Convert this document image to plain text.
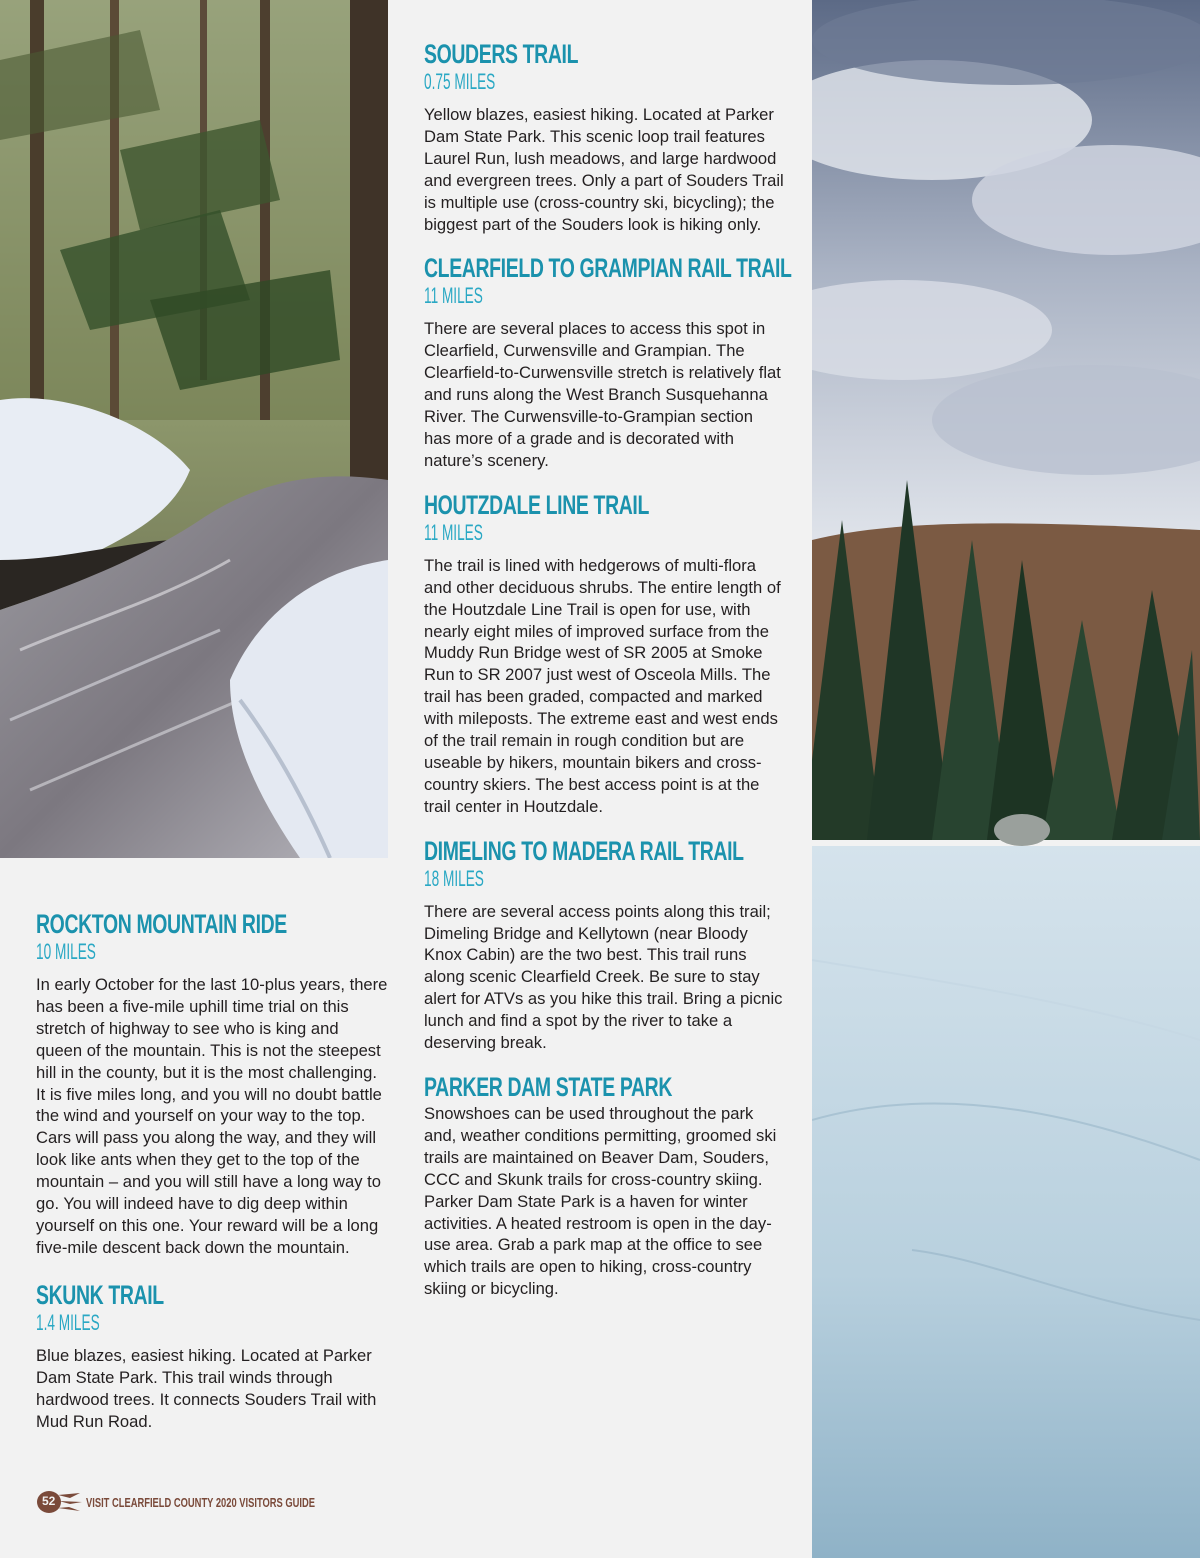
SOUDERS TRAIL
0.75 MILES

Yellow blazes, easiest hiking. Located at Parker Dam State Park. This scenic loop trail features Laurel Run, lush meadows, and large hardwood and evergreen trees. Only a part of Souders Trail is multiple use (cross-country ski, bicycling); the biggest part of the Souders look is hiking only.

CLEARFIELD TO GRAMPIAN RAIL TRAIL
11 MILES

There are several places to access this spot in Clearfield, Curwensville and Grampian. The Clearfield-to-Curwensville stretch is relatively flat and runs along the West Branch Susquehanna River. The Curwensville-to-Grampian section has more of a grade and is decorated with nature’s scenery.

HOUTZDALE LINE TRAIL
11 MILES

The trail is lined with hedgerows of multi-flora and other deciduous shrubs. The entire length of the Houtzdale Line Trail is open for use, with nearly eight miles of improved surface from the Muddy Run Bridge west of SR 2005 at Smoke Run to SR 2007 just west of Osceola Mills. The trail has been graded, compacted and marked with mileposts. The extreme east and west ends of the trail remain in rough condition but are useable by hikers, mountain bikers and cross-country skiers. The best access point is at the trail center in Houtzdale.

DIMELING TO MADERA RAIL TRAIL
18 MILES

There are several access points along this trail; Dimeling Bridge and Kellytown (near Bloody Knox Cabin) are the two best. This trail runs along scenic Clearfield Creek. Be sure to stay alert for ATVs as you hike this trail. Bring a picnic lunch and find a spot by the river to take a deserving break.

PARKER DAM STATE PARK

Snowshoes can be used throughout the park and, weather conditions permitting, groomed ski trails are maintained on Beaver Dam, Souders, CCC and Skunk trails for cross-country skiing. Parker Dam State Park is a haven for winter activities. A heated restroom is open in the day-use area. Grab a park map at the office to see which trails are open to hiking, cross-country skiing or bicycling.

ROCKTON MOUNTAIN RIDE
10 MILES

In early October for the last 10-plus years, there has been a five-mile uphill time trial on this stretch of highway to see who is king and queen of the mountain. This is not the steepest hill in the county, but it is the most challenging. It is five miles long, and you will no doubt battle the wind and yourself on your way to the top. Cars will pass you along the way, and they will look like ants when they get to the top of the mountain – and you will still have a long way to go. You will indeed have to dig deep within yourself on this one. Your reward will be a long five-mile descent back down the mountain.

SKUNK TRAIL
1.4 MILES

Blue blazes, easiest hiking. Located at Parker Dam State Park. This trail winds through hardwood trees. It connects Souders Trail with Mud Run Road.

52 VISIT CLEARFIELD COUNTY 2020 VISITORS GUIDE
